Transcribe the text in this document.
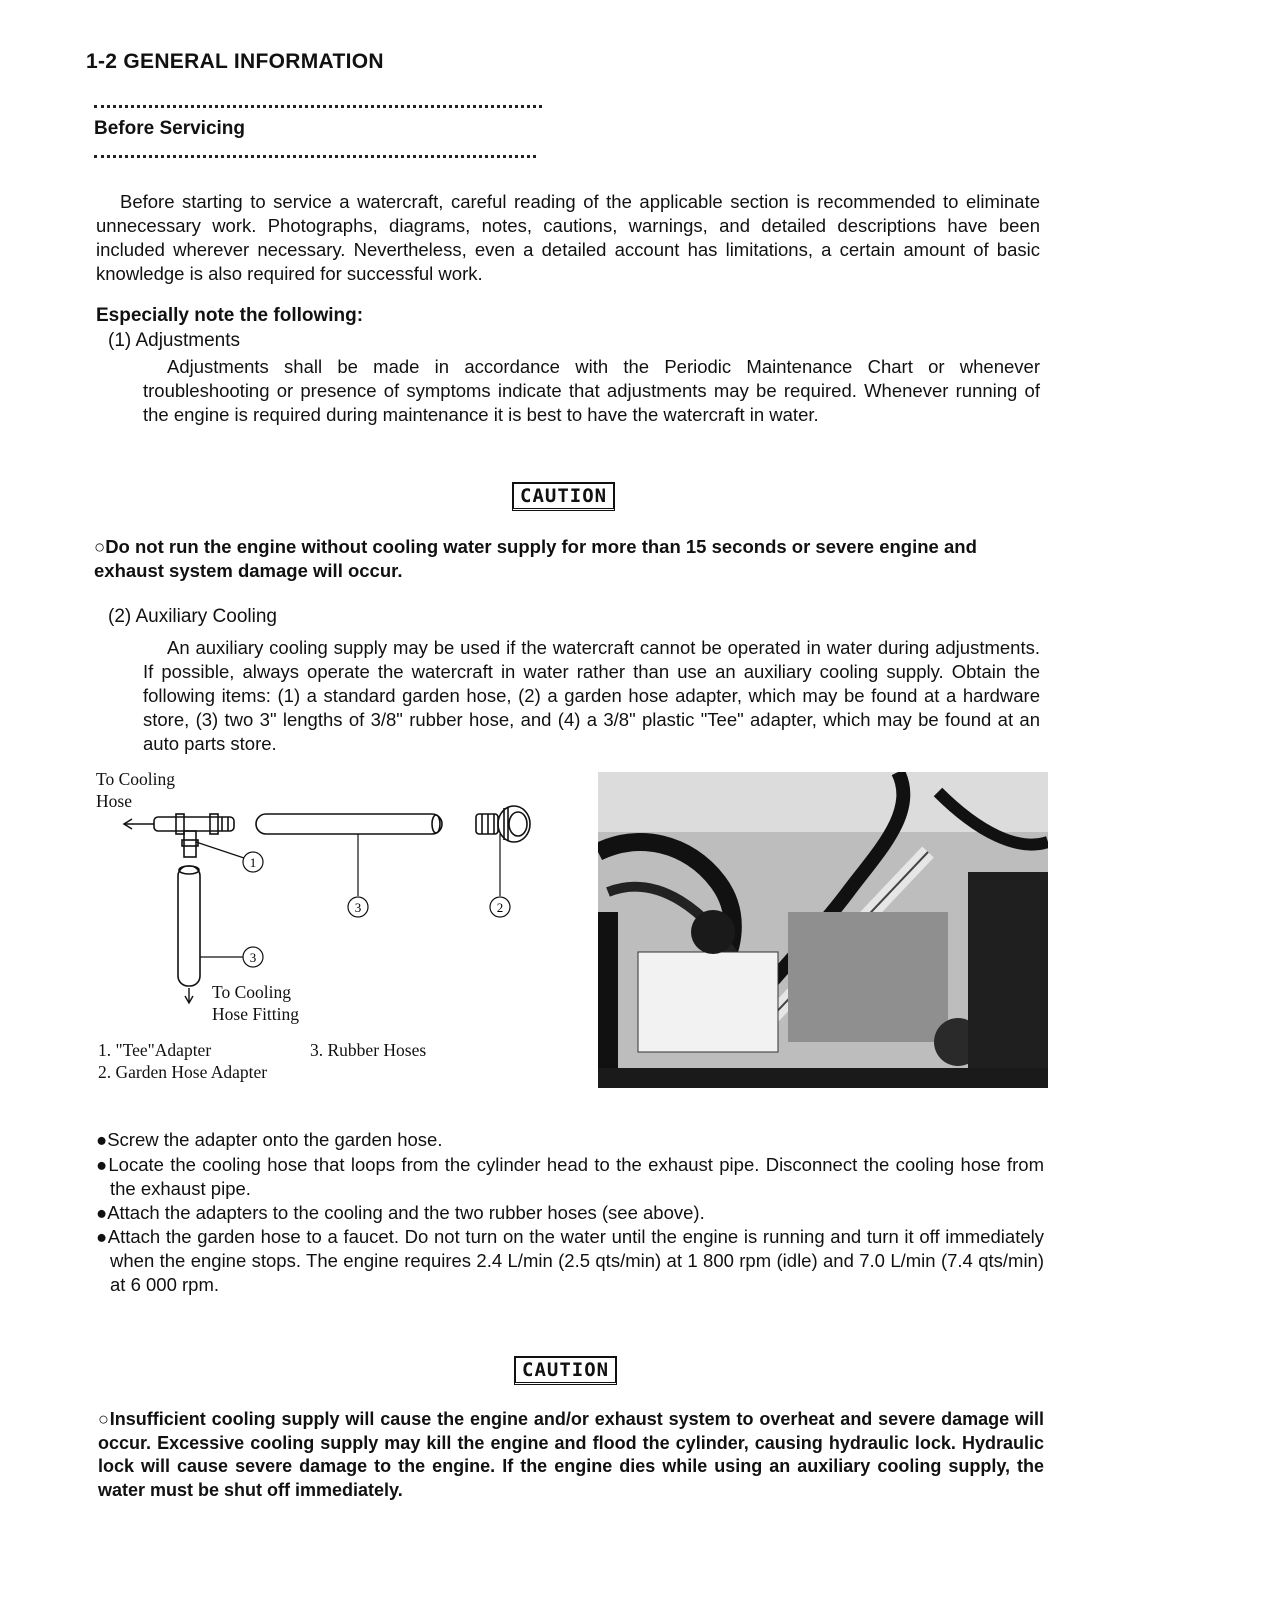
1-2 GENERAL INFORMATION
Before Servicing
Before starting to service a watercraft, careful reading of the applicable section is recommended to eliminate unnecessary work. Photographs, diagrams, notes, cautions, warnings, and detailed descriptions have been included wherever necessary. Nevertheless, even a detailed account has limitations, a certain amount of basic knowledge is also required for successful work.
Especially note the following:
(1) Adjustments
Adjustments shall be made in accordance with the Periodic Maintenance Chart or whenever troubleshooting or presence of symptoms indicate that adjustments may be required. Whenever running of the engine is required during maintenance it is best to have the watercraft in water.
CAUTION
○Do not run the engine without cooling water supply for more than 15 seconds or severe engine and exhaust system damage will occur.
(2) Auxiliary Cooling
An auxiliary cooling supply may be used if the watercraft cannot be operated in water during adjustments. If possible, always operate the watercraft in water rather than use an auxiliary cooling supply. Obtain the following items: (1) a standard garden hose, (2) a garden hose adapter, which may be found at a hardware store, (3) two 3" lengths of 3/8" rubber hose, and (4) a 3/8" plastic "Tee" adapter, which may be found at an auto parts store.
To Cooling
Hose
1
3
3	2
To Cooling
Hose Fitting
1. "Tee"Adapter	3. Rubber Hoses
2. Garden Hose Adapter
●Screw the adapter onto the garden hose.
●Locate the cooling hose that loops from the cylinder head to the exhaust pipe. Disconnect the cooling hose from the exhaust pipe.
●Attach the adapters to the cooling and the two rubber hoses (see above).
●Attach the garden hose to a faucet. Do not turn on the water until the engine is running and turn it off immediately when the engine stops. The engine requires 2.4 L/min (2.5 qts/min) at 1 800 rpm (idle) and 7.0 L/min (7.4 qts/min) at 6 000 rpm.
CAUTION
○Insufficient cooling supply will cause the engine and/or exhaust system to overheat and severe damage will occur. Excessive cooling supply may kill the engine and flood the cylinder, causing hydraulic lock. Hydraulic lock will cause severe damage to the engine. If the engine dies while using an auxiliary cooling supply, the water must be shut off immediately.
